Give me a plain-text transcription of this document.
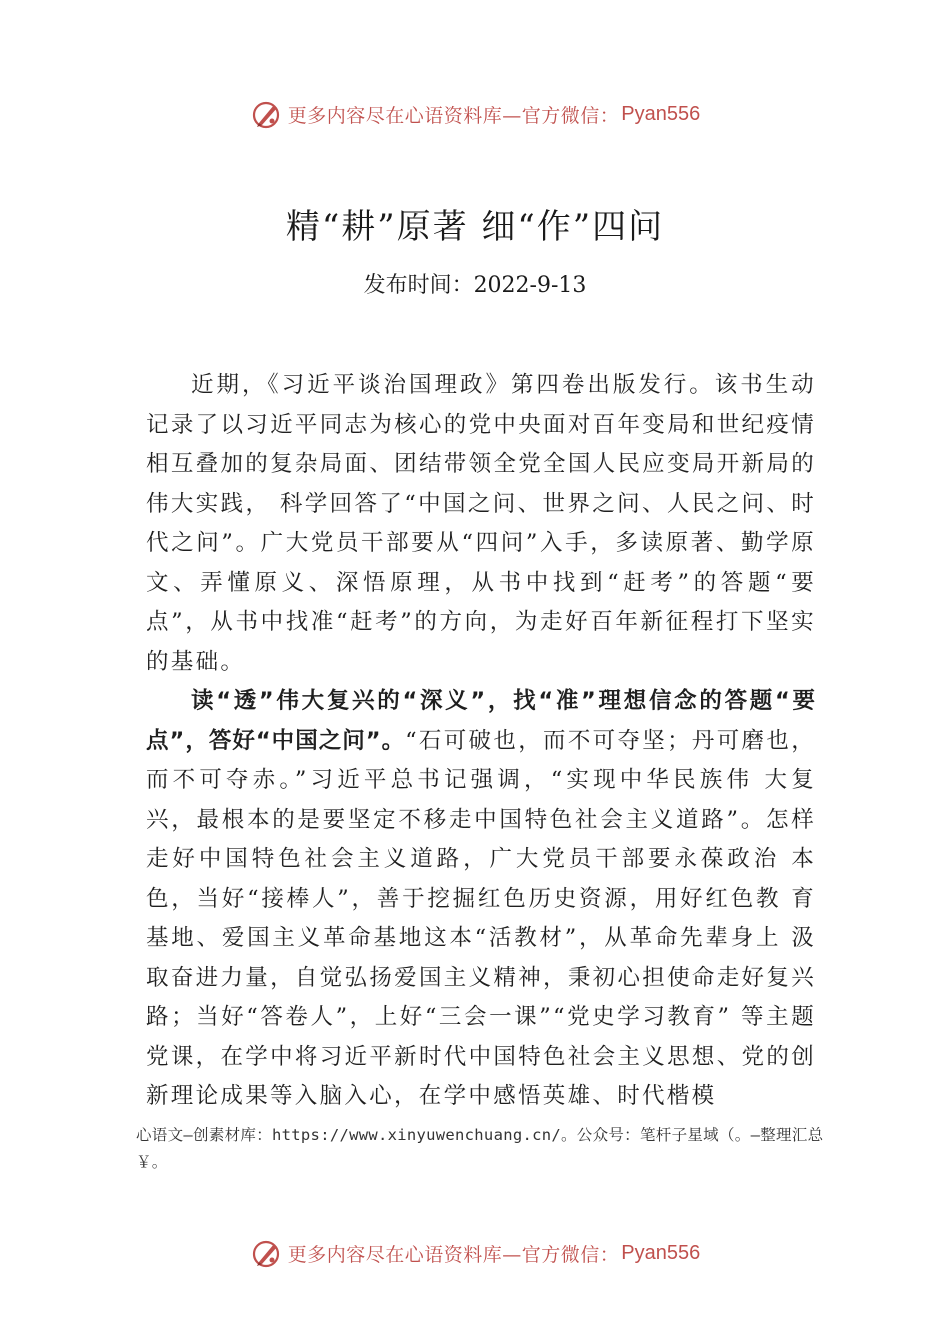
更多内容尽在心语资料库—官方微信： Pyan556
精“耕”原著 细“作”四问
发布时间：2022-9-13

近期，《习近平谈治国理政》第四卷出版发行。该书生动记录了以习近平同志为核心的党中央面对百年变局和世纪疫情相互叠加的复杂局面、团结带领全党全国人民应变局开新局的伟大实践， 科学回答了“中国之问、世界之问、人民之问、时代之问”。广大党员干部要从“四问”入手，多读原著、勤学原文、弄懂原义、深悟原理，从书中找到“赶考”的答题“要点”，从书中找准“赶考”的方向，为走好百年新征程打下坚实的基础。

读“透”伟大复兴的“深义”，找“准”理想信念的答题“要点”，答好“中国之问”。“石可破也，而不可夺坚；丹可磨也，而不可夺赤。”习近平总书记强调，“实现中华民族伟 大复兴，最根本的是要坚定不移走中国特色社会主义道路”。怎样走好中国特色社会主义道路，广大党员干部要永葆政治 本色，当好“接棒人”，善于挖掘红色历史资源，用好红色教 育基地、爱国主义革命基地这本“活教材”，从革命先辈身上 汲取奋进力量，自觉弘扬爱国主义精神，秉初心担使命走好复兴路；当好“答卷人”，上好“三会一课”“党史学习教育” 等主题党课，在学中将习近平新时代中国特色社会主义思想、党的创新理论成果等入脑入心，在学中感悟英雄、时代楷模

心语文—创素材库：https://www.xinyuwenchuang.cn/。公众号：笔杆子星域（。—整理汇总￥。
更多内容尽在心语资料库—官方微信： Pyan556
